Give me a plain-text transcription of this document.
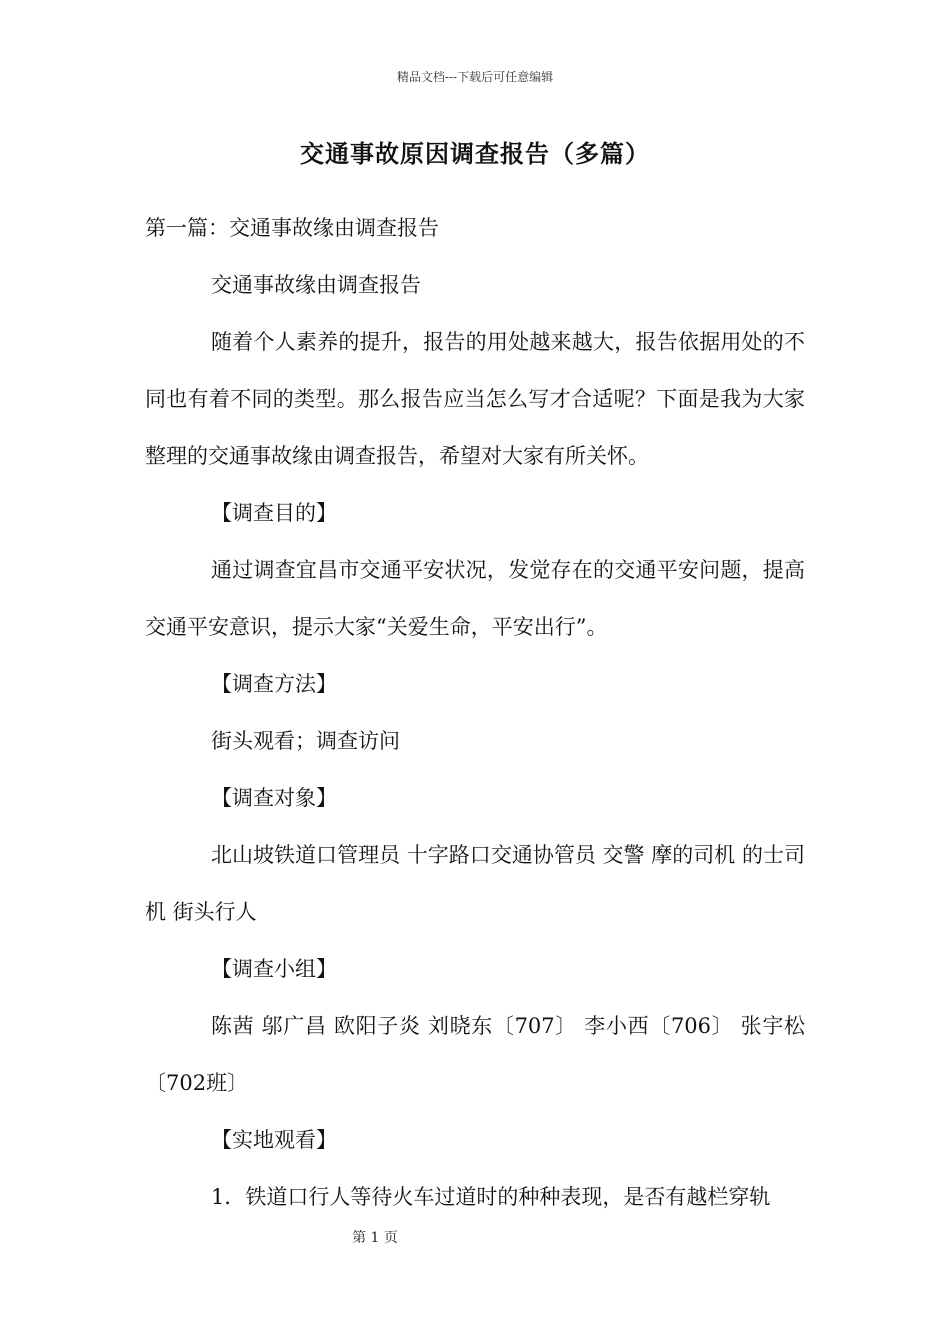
精品文档---下载后可任意编辑
交通事故原因调查报告（多篇）

第一篇：交通事故缘由调查报告

交通事故缘由调查报告

随着个人素养的提升，报告的用处越来越大，报告依据用处的不同也有着不同的类型。那么报告应当怎么写才合适呢？下面是我为大家整理的交通事故缘由调查报告，希望对大家有所关怀。

【调查目的】

通过调查宜昌市交通平安状况，发觉存在的交通平安问题，提高交通平安意识，提示大家“关爱生命，平安出行”。

【调查方法】

街头观看；调查访问

【调查对象】

北山坡铁道口管理员 十字路口交通协管员 交警 摩的司机 的士司机 街头行人

【调查小组】

陈茜 邬广昌 欧阳子炎 刘晓东〔707〕 李小西〔706〕 张宇松〔702班〕

【实地观看】

1．铁道口行人等待火车过道时的种种表现，是否有越栏穿轨

第 1 页
